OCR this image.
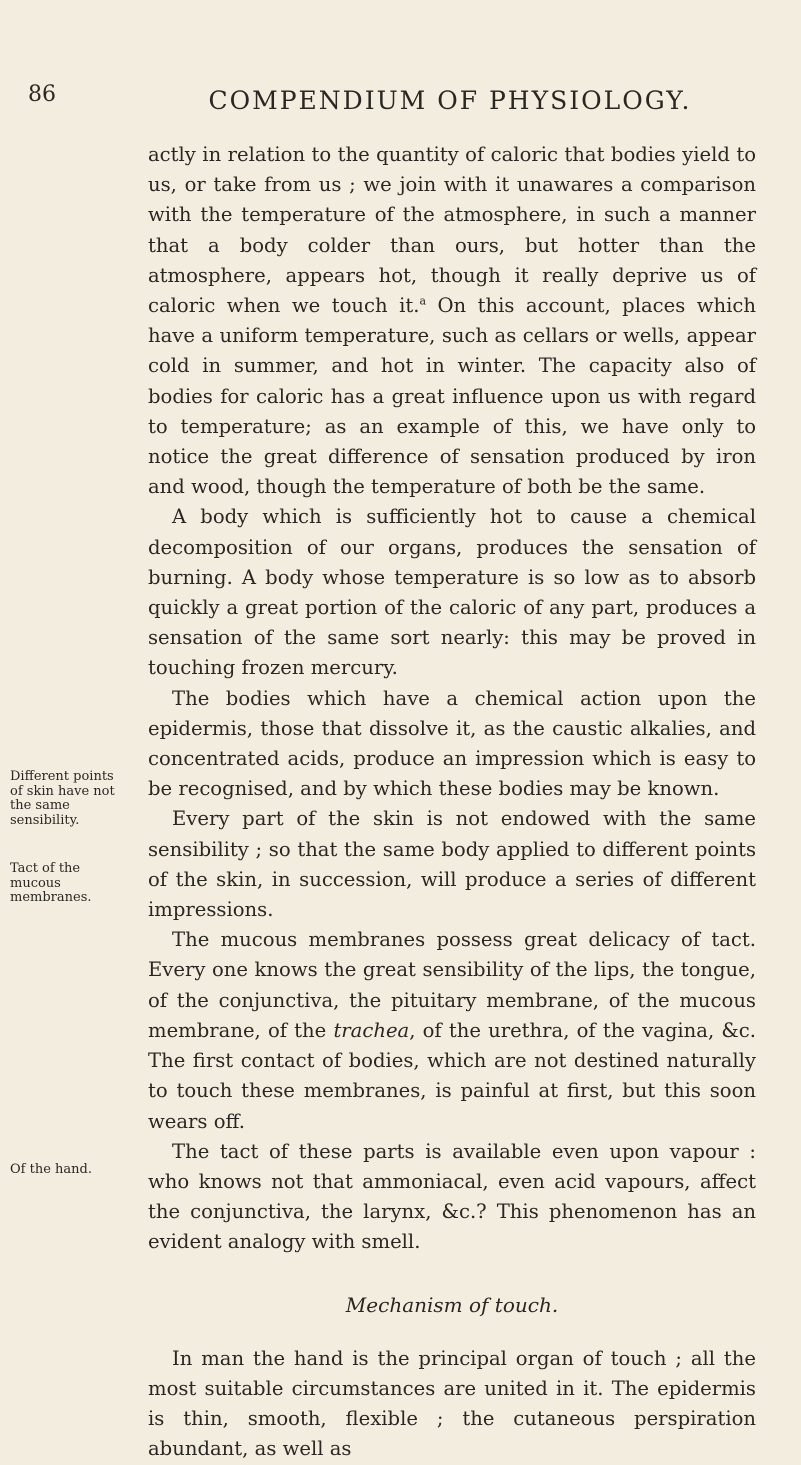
86	COMPENDIUM OF PHYSIOLOGY.
Different points of skin have not the same sensibility.
Tact of the mucous membranes.
Of the hand.

actly in relation to the quantity of caloric that bodies yield to us, or take from us ; we join with it unawares a comparison with the temperature of the atmosphere, in such a manner that a body colder than ours, but hotter than the atmosphere, appears hot, though it really deprive us of caloric when we touch it.$^a$ On this account, places which have a uniform temperature, such as cellars or wells, appear cold in summer, and hot in winter. The capacity also of bodies for caloric has a great influence upon us with regard to temperature; as an example of this, we have only to notice the great difference of sensation produced by iron and wood, though the temperature of both be the same.

A body which is sufficiently hot to cause a chemical decomposition of our organs, produces the sensation of burning. A body whose temperature is so low as to absorb quickly a great portion of the caloric of any part, produces a sensation of the same sort nearly: this may be proved in touching frozen mercury.

The bodies which have a chemical action upon the epidermis, those that dissolve it, as the caustic alkalies, and concentrated acids, produce an impression which is easy to be recognised, and by which these bodies may be known.

Every part of the skin is not endowed with the same sensibility ; so that the same body applied to different points of the skin, in succession, will produce a series of different impressions.

The mucous membranes possess great delicacy of tact. Every one knows the great sensibility of the lips, the tongue, of the conjunctiva, the pituitary membrane, of the mucous membrane, of the trachea, of the urethra, of the vagina, &c. The first contact of bodies, which are not destined naturally to touch these membranes, is painful at first, but this soon wears off.

The tact of these parts is available even upon vapour : who knows not that ammoniacal, even acid vapours, affect the conjunctiva, the larynx, &c.? This phenomenon has an evident analogy with smell.

Mechanism of touch.

In man the hand is the principal organ of touch ; all the most suitable circumstances are united in it. The epidermis is thin, smooth, flexible ; the cutaneous perspiration abundant, as well as
